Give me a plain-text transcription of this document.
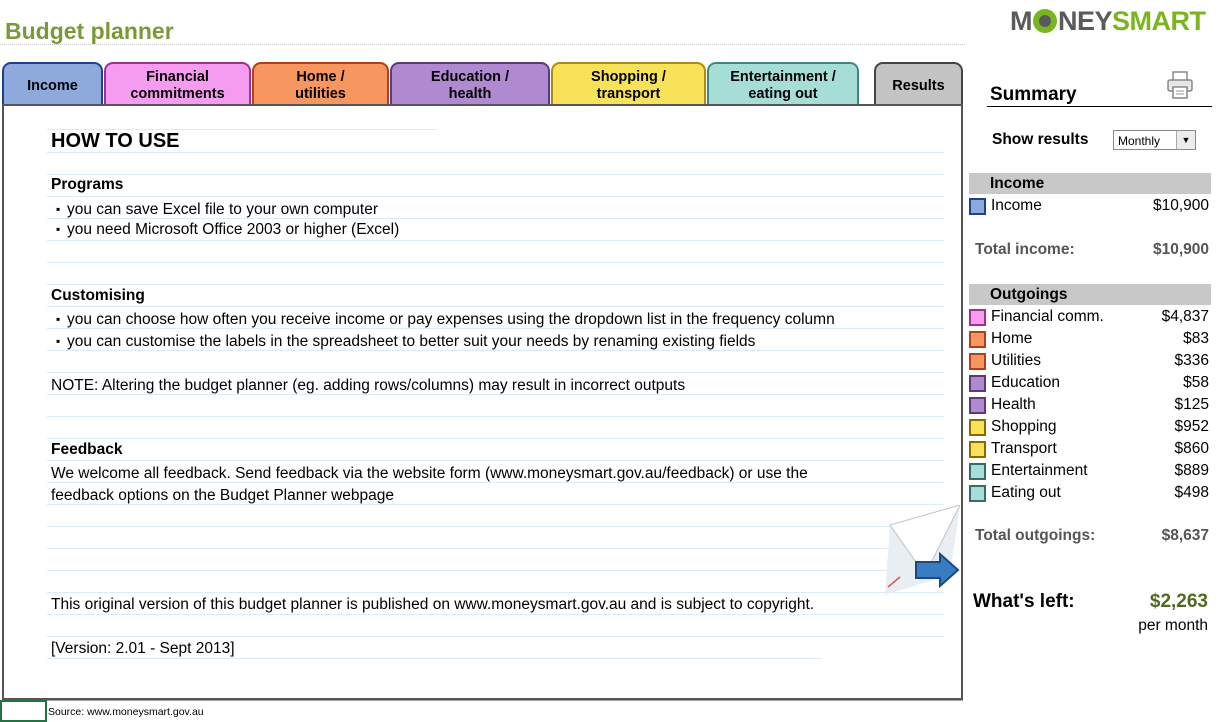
Budget planner	M NEYSMART
Income
Financial
commitments
Home /
utilities
Education /
health
Shopping /
transport
Entertainment /
eating out
Results
HOW TO USE
Programs
▪ you can save Excel file to your own computer
▪ you need Microsoft Office 2003 or higher (Excel)
Customising
▪ you can choose how often you receive income or pay expenses using the dropdown list in the frequency column
▪ you can customise the labels in the spreadsheet to better suit your needs by renaming existing fields
NOTE: Altering the budget planner (eg. adding rows/columns) may result in incorrect outputs
Feedback
We welcome all feedback. Send feedback via the website form (www.moneysmart.gov.au/feedback) or use the
feedback options on the Budget Planner webpage
This original version of this budget planner is published on www.moneysmart.gov.au and is subject to copyright.
[Version: 2.01 - Sept 2013]
Summary
Show results	Monthly	▼
Income
Income	$10,900
Total income:	$10,900
Outgoings
Financial comm.	$4,837
Home	$83
Utilities	$336
Education	$58
Health	$125
Shopping	$952
Transport	$860
Entertainment	$889
Eating out	$498
Total outgoings:	$8,637
What's left:	$2,263
per month
Source: www.moneysmart.gov.au
